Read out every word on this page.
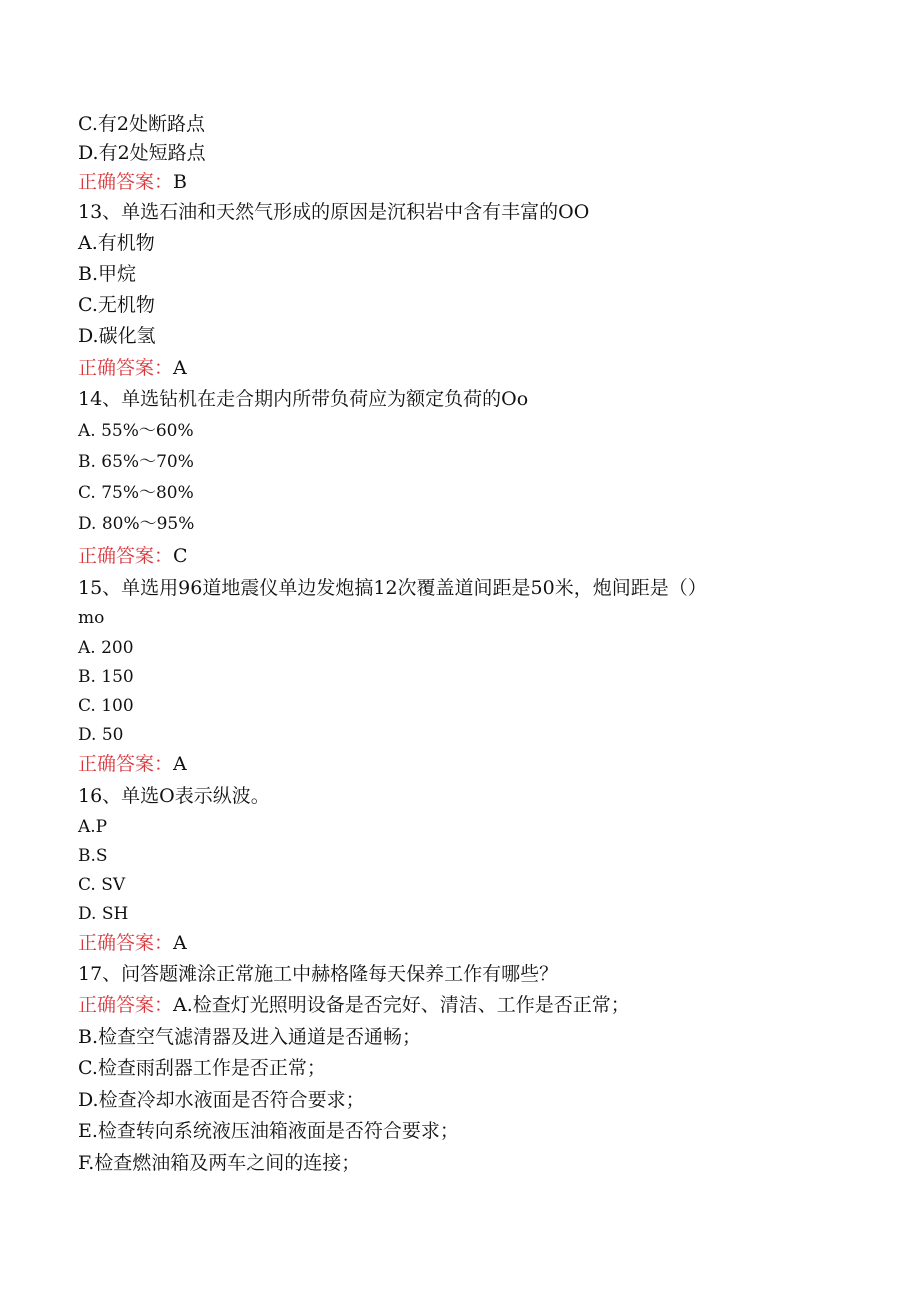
C.有2处断路点
D.有2处短路点
正确答案：B
13、单选石油和天然气形成的原因是沉积岩中含有丰富的OO
A.有机物
B.甲烷
C.无机物
D.碳化氢
正确答案：A
14、单选钻机在走合期内所带负荷应为额定负荷的Oo
A. 55%～60%
B. 65%～70%
C. 75%～80%
D. 80%～95%
正确答案：C
15、单选用96道地震仪单边发炮搞12次覆盖道间距是50米，炮间距是（）
mo
A. 200
B. 150
C. 100
D. 50
正确答案：A
16、单选O表示纵波。
A.P
B.S
C. SV
D. SH
正确答案：A
17、问答题滩涂正常施工中赫格隆每天保养工作有哪些？
正确答案：A.检查灯光照明设备是否完好、清洁、工作是否正常；
B.检查空气滤清器及进入通道是否通畅；
C.检查雨刮器工作是否正常；
D.检查冷却水液面是否符合要求；
E.检查转向系统液压油箱液面是否符合要求；
F.检查燃油箱及两车之间的连接；
